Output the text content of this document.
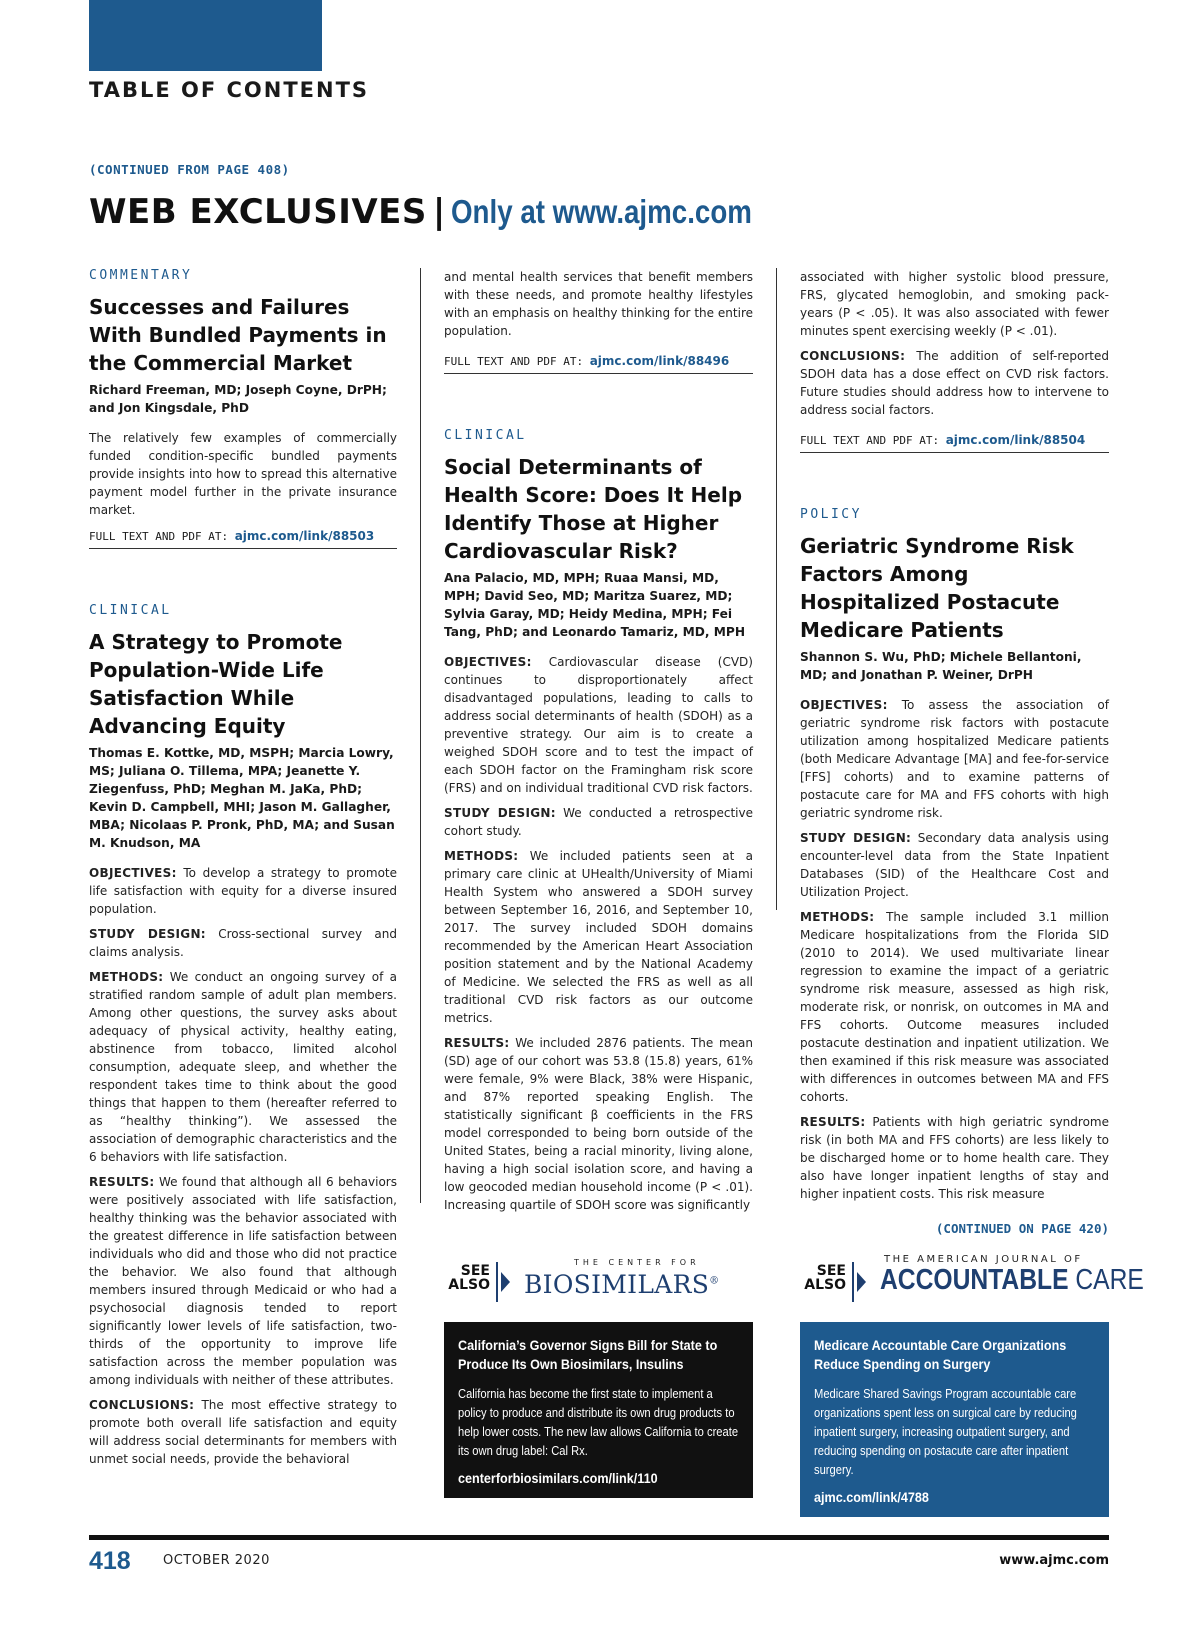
TABLE OF CONTENTS
(CONTINUED FROM PAGE 408)
WEB EXCLUSIVES | Only at www.ajmc.com
COMMENTARY
Successes and Failures With Bundled Payments in the Commercial Market
Richard Freeman, MD; Joseph Coyne, DrPH; and Jon Kingsdale, PhD
The relatively few examples of commercially funded condition-specific bundled payments provide insights into how to spread this alternative payment model further in the private insurance market.
FULL TEXT AND PDF AT: ajmc.com/link/88503
CLINICAL
A Strategy to Promote Population-Wide Life Satisfaction While Advancing Equity
Thomas E. Kottke, MD, MSPH; Marcia Lowry, MS; Juliana O. Tillema, MPA; Jeanette Y. Ziegenfuss, PhD; Meghan M. JaKa, PhD; Kevin D. Campbell, MHI; Jason M. Gallagher, MBA; Nicolaas P. Pronk, PhD, MA; and Susan M. Knudson, MA
OBJECTIVES: To develop a strategy to promote life satisfaction with equity for a diverse insured population.
STUDY DESIGN: Cross-sectional survey and claims analysis.
METHODS: We conduct an ongoing survey of a stratified random sample of adult plan members. Among other questions, the survey asks about adequacy of physical activity, healthy eating, abstinence from tobacco, limited alcohol consumption, adequate sleep, and whether the respondent takes time to think about the good things that happen to them (hereafter referred to as “healthy thinking”). We assessed the association of demographic characteristics and the 6 behaviors with life satisfaction.
RESULTS: We found that although all 6 behaviors were positively associated with life satisfaction, healthy thinking was the behavior associated with the greatest difference in life satisfaction between individuals who did and those who did not practice the behavior. We also found that although members insured through Medicaid or who had a psychosocial diagnosis tended to report significantly lower levels of life satisfaction, two-thirds of the opportunity to improve life satisfaction across the member population was among individuals with neither of these attributes.
CONCLUSIONS: The most effective strategy to promote both overall life satisfaction and equity will address social determinants for members with unmet social needs, provide the behavioral
and mental health services that benefit members with these needs, and promote healthy lifestyles with an emphasis on healthy thinking for the entire population.
FULL TEXT AND PDF AT: ajmc.com/link/88496
CLINICAL
Social Determinants of Health Score: Does It Help Identify Those at Higher Cardiovascular Risk?
Ana Palacio, MD, MPH; Ruaa Mansi, MD, MPH; David Seo, MD; Maritza Suarez, MD; Sylvia Garay, MD; Heidy Medina, MPH; Fei Tang, PhD; and Leonardo Tamariz, MD, MPH
OBJECTIVES: Cardiovascular disease (CVD) continues to disproportionately affect disadvantaged populations, leading to calls to address social determinants of health (SDOH) as a preventive strategy. Our aim is to create a weighed SDOH score and to test the impact of each SDOH factor on the Framingham risk score (FRS) and on individual traditional CVD risk factors.
STUDY DESIGN: We conducted a retrospective cohort study.
METHODS: We included patients seen at a primary care clinic at UHealth/University of Miami Health System who answered a SDOH survey between September 16, 2016, and September 10, 2017. The survey included SDOH domains recommended by the American Heart Association position statement and by the National Academy of Medicine. We selected the FRS as well as all traditional CVD risk factors as our outcome metrics.
RESULTS: We included 2876 patients. The mean (SD) age of our cohort was 53.8 (15.8) years, 61% were female, 9% were Black, 38% were Hispanic, and 87% reported speaking English. The statistically significant β coefficients in the FRS model corresponded to being born outside of the United States, being a racial minority, living alone, having a high social isolation score, and having a low geocoded median household income (P < .01). Increasing quartile of SDOH score was significantly
associated with higher systolic blood pressure, FRS, glycated hemoglobin, and smoking pack-years (P < .05). It was also associated with fewer minutes spent exercising weekly (P < .01).
CONCLUSIONS: The addition of self-reported SDOH data has a dose effect on CVD risk factors. Future studies should address how to intervene to address social factors.
FULL TEXT AND PDF AT: ajmc.com/link/88504
POLICY
Geriatric Syndrome Risk Factors Among Hospitalized Postacute Medicare Patients
Shannon S. Wu, PhD; Michele Bellantoni, MD; and Jonathan P. Weiner, DrPH
OBJECTIVES: To assess the association of geriatric syndrome risk factors with postacute utilization among hospitalized Medicare patients (both Medicare Advantage [MA] and fee-for-service [FFS] cohorts) and to examine patterns of postacute care for MA and FFS cohorts with high geriatric syndrome risk.
STUDY DESIGN: Secondary data analysis using encounter-level data from the State Inpatient Databases (SID) of the Healthcare Cost and Utilization Project.
METHODS: The sample included 3.1 million Medicare hospitalizations from the Florida SID (2010 to 2014). We used multivariate linear regression to examine the impact of a geriatric syndrome risk measure, assessed as high risk, moderate risk, or nonrisk, on outcomes in MA and FFS cohorts. Outcome measures included postacute destination and inpatient utilization. We then examined if this risk measure was associated with differences in outcomes between MA and FFS cohorts.
RESULTS: Patients with high geriatric syndrome risk (in both MA and FFS cohorts) are less likely to be discharged home or to home health care. They also have longer inpatient lengths of stay and higher inpatient costs. This risk measure
(CONTINUED ON PAGE 420)
SEE
ALSO
THE CENTER FOR
BIOSIMILARS®
California’s Governor Signs Bill for State to Produce Its Own Biosimilars, Insulins
California has become the first state to implement a policy to produce and distribute its own drug products to help lower costs. The new law allows California to create its own drug label: Cal Rx.
centerforbiosimilars.com/link/110
SEE
ALSO
THE AMERICAN JOURNAL OF
ACCOUNTABLE CARE
Medicare Accountable Care Organizations Reduce Spending on Surgery
Medicare Shared Savings Program accountable care organizations spent less on surgical care by reducing inpatient surgery, increasing outpatient surgery, and reducing spending on postacute care after inpatient surgery.
ajmc.com/link/4788
418 OCTOBER 2020	www.ajmc.com
